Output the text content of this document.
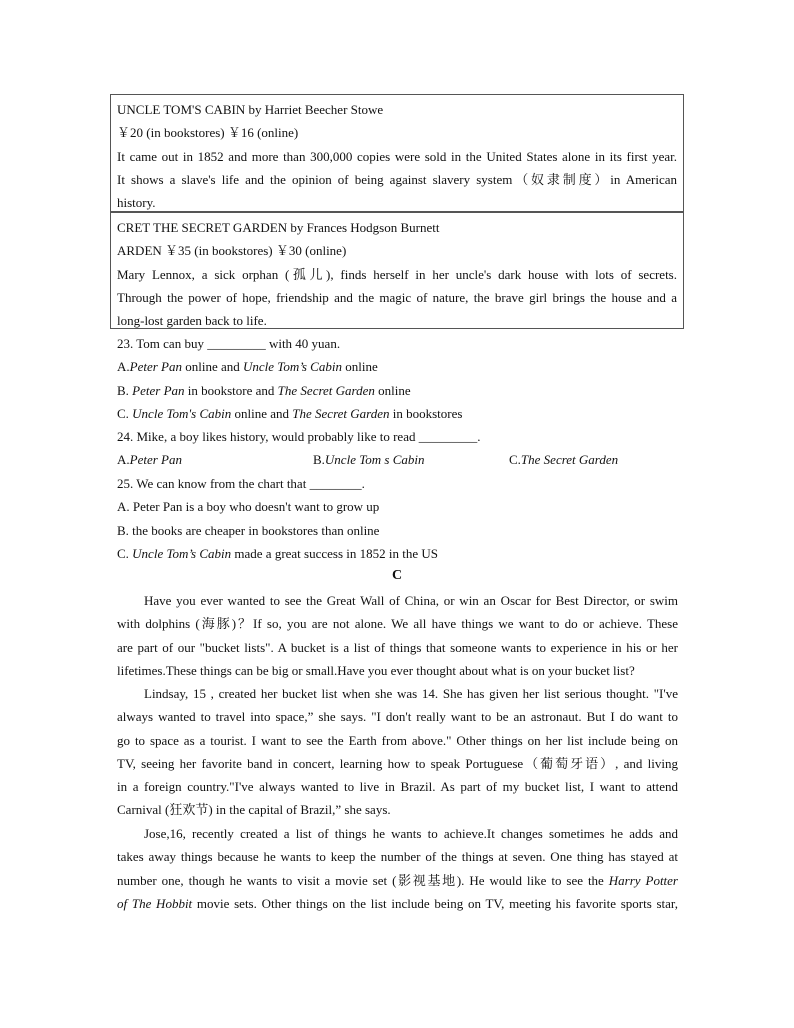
UNCLE TOM'S CABIN by Harriet Beecher Stowe

￥20 (in bookstores) ￥16 (online)

It came out in 1852 and more than 300,000 copies were sold in the United States alone in its first year.

It shows a slave's life and the opinion of being against slavery system（奴隶制度）in American

history.

CRET THE SECRET GARDEN by Frances Hodgson Burnett

ARDEN ￥35 (in bookstores) ￥30 (online)

Mary Lennox, a sick orphan (孤儿), finds herself in her uncle's dark house with lots of secrets.

Through the power of hope, friendship and the magic of nature, the brave girl brings the house and a

long-lost garden back to life.

23. Tom can buy _________ with 40 yuan.

A.Peter Pan online and Uncle Tom’s Cabin online

B. Peter Pan in bookstore and The Secret Garden online

C. Uncle Tom's Cabin online and The Secret Garden in bookstores

24. Mike, a boy likes history, would probably like to read _________.

A.Peter Pan	B.Uncle Tom s Cabin	C.The Secret Garden

25. We can know from the chart that ________.

A. Peter Pan is a boy who doesn't want to grow up

B. the books are cheaper in bookstores than online

C. Uncle Tom’s Cabin made a great success in 1852 in the US

C

Have you ever wanted to see the Great Wall of China, or win an Oscar for Best Director, or swim

with dolphins (海豚)？If so, you are not alone. We all have things we want to do or achieve. These

are part of our "bucket lists". A bucket is a list of things that someone wants to experience in his or her

lifetimes.These things can be big or small.Have you ever thought about what is on your bucket list?

Lindsay, 15 , created her bucket list when she was 14. She has given her list serious thought. "I've

always wanted to travel into space,” she says. "I don't really want to be an astronaut. But I do want to

go to space as a tourist. I want to see the Earth from above." Other things on her list include being on

TV, seeing her favorite band in concert, learning how to speak Portuguese（葡萄牙语）, and living

in a foreign country."I've always wanted to live in Brazil. As part of my bucket list, I want to attend

Carnival (狂欢节) in the capital of Brazil,” she says.

Jose,16, recently created a list of things he wants to achieve.It changes sometimes he adds and

takes away things because he wants to keep the number of the things at seven. One thing has stayed at

number one, though he wants to visit a movie set (影视基地). He would like to see the Harry Potter

of The Hobbit movie sets. Other things on the list include being on TV, meeting his favorite sports star,
